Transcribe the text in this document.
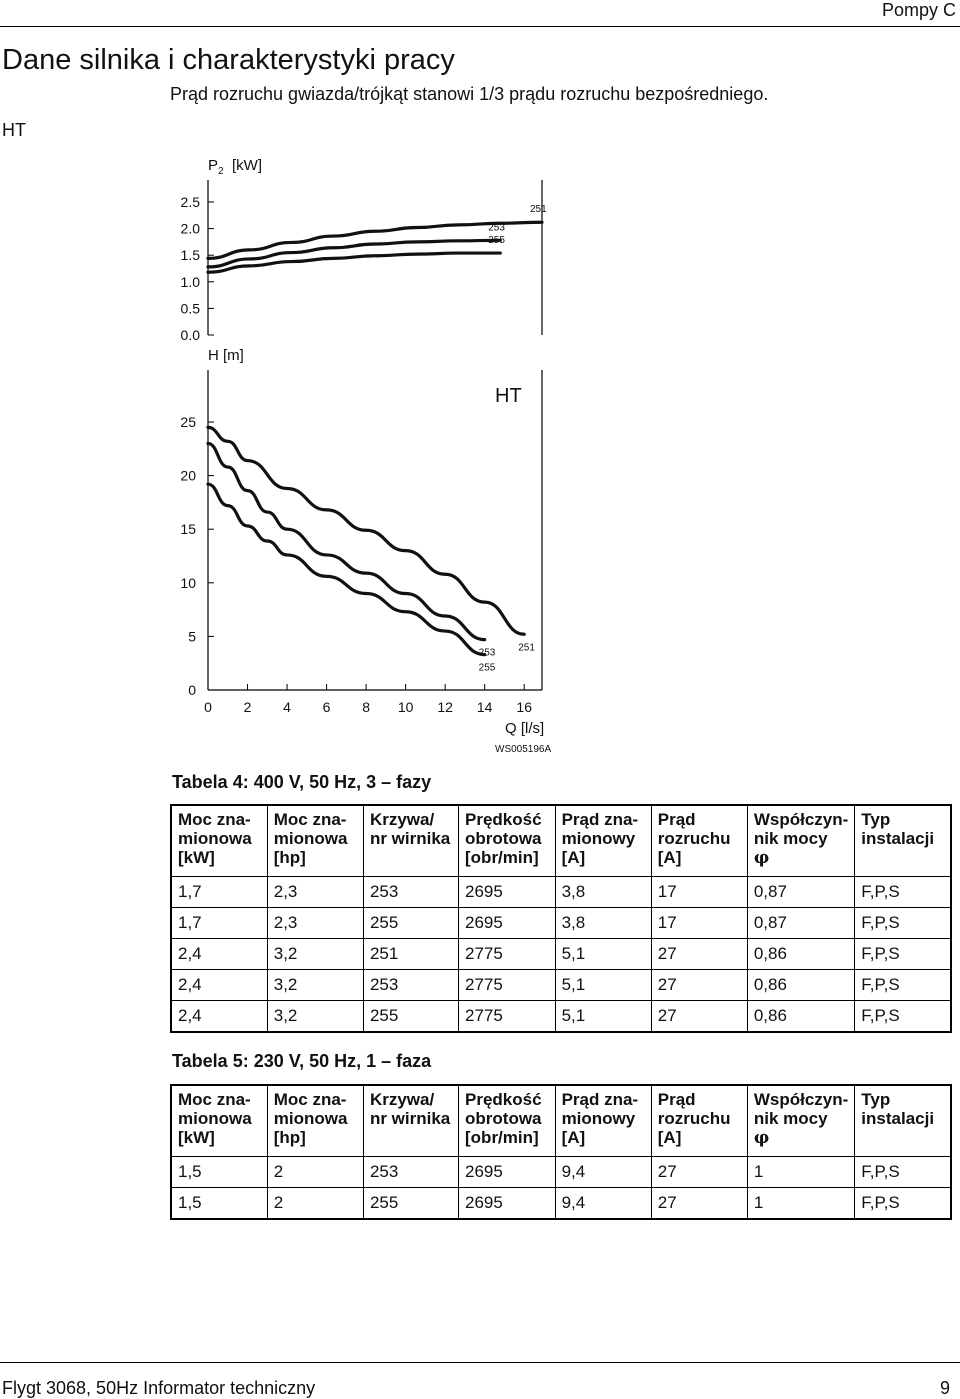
Pompy C
Dane silnika i charakterystyki pracy
Prąd rozruchu gwiazda/trójkąt stanowi 1/3 prądu rozruchu bezpośredniego.
HT
P 2 [kW]
2.5
2.0
1.5
1.0
0.5
0.0
251
253
255
H [m]
HT
25
20
15
10
5
0
0 2 4 6 8 10 12 14 16
Q [l/s]
WS005196A
251
253
255
Tabela 4: 400 V, 50 Hz, 3 – fazy
Moc zna-
mionowa
[kW]	Moc zna-
mionowa
[hp]	Krzywa/
nr wirnika	Prędkość
obrotowa
[obr/min]	Prąd zna-
mionowy
[A]	Prąd
rozruchu
[A]	Współczyn-
nik mocy
φ	Typ
instalacji
1,7	2,3	253	2695	3,8	17	0,87	F,P,S
1,7	2,3	255	2695	3,8	17	0,87	F,P,S
2,4	3,2	251	2775	5,1	27	0,86	F,P,S
2,4	3,2	253	2775	5,1	27	0,86	F,P,S
2,4	3,2	255	2775	5,1	27	0,86	F,P,S
Tabela 5: 230 V, 50 Hz, 1 – faza
Moc zna-
mionowa
[kW]	Moc zna-
mionowa
[hp]	Krzywa/
nr wirnika	Prędkość
obrotowa
[obr/min]	Prąd zna-
mionowy
[A]	Prąd
rozruchu
[A]	Współczyn-
nik mocy
φ	Typ
instalacji
1,5	2	253	2695	9,4	27	1	F,P,S
1,5	2	255	2695	9,4	27	1	F,P,S
Flygt 3068, 50Hz Informator techniczny	9
